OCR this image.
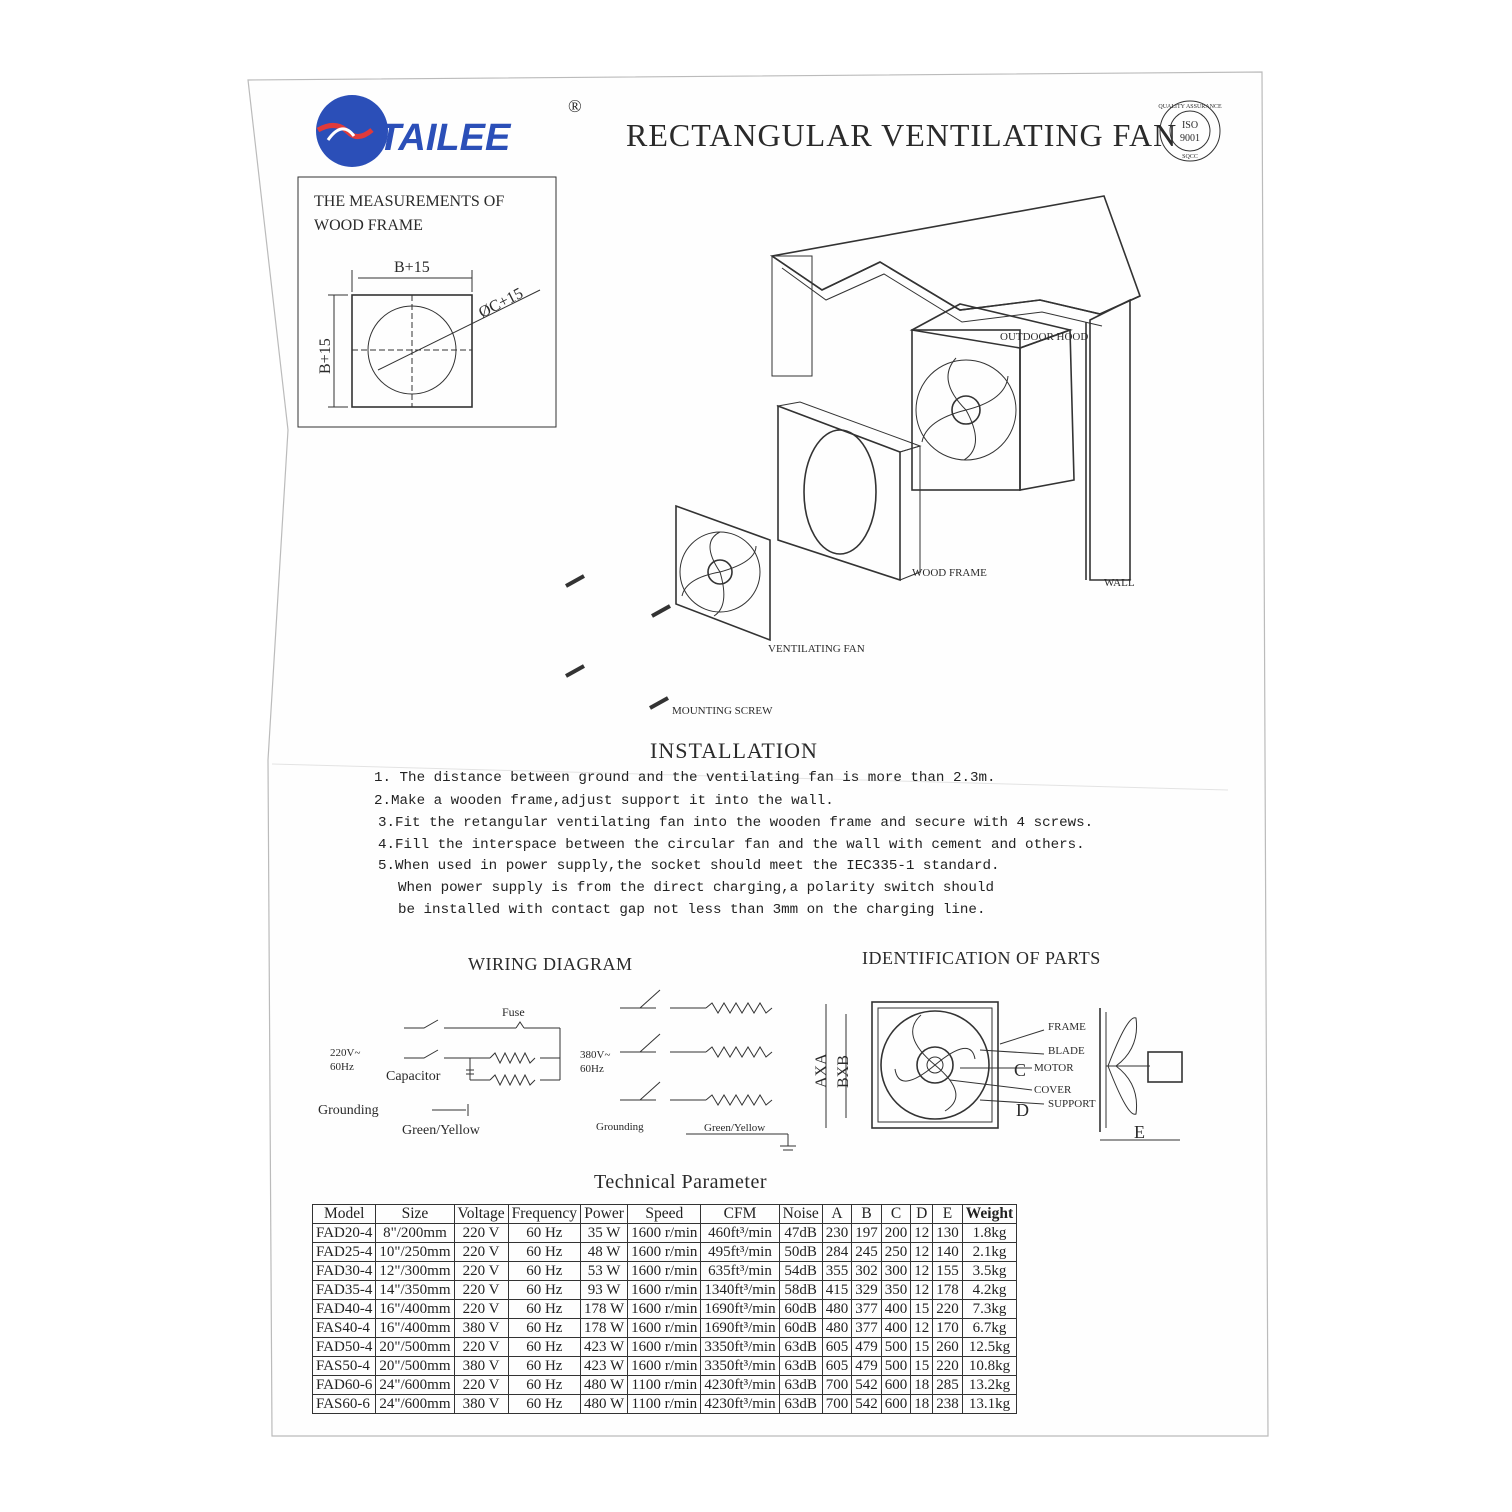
TAILEE
®
RECTANGULAR VENTILATING FAN
QUALITY ASSURANCE
ISO
9001
SQCC
THE MEASUREMENTS OF
WOOD FRAME
B+15
B+15
ØC+15
OUTDOOR HOOD
WOOD FRAME
WALL
VENTILATING FAN
MOUNTING SCREW
INSTALLATION
1. The distance between ground and the ventilating fan is more than 2.3m.
2.Make a wooden frame,adjust support it into the wall.
3.Fit the retangular ventilating fan into the wooden frame and secure with 4 screws.
4.Fill the interspace between the circular fan and the wall with cement and others.
5.When used in power supply,the socket should meet the IEC335-1 standard.
When power supply is from the direct charging,a polarity switch should
be installed with contact gap not less than 3mm on the charging line.
WIRING DIAGRAM
Fuse
220V~
60Hz
Capacitor
Grounding
Green/Yellow
380V~
60Hz
Grounding	Green/Yellow
IDENTIFICATION OF PARTS
FRAME
BLADE
MOTOR
COVER
SUPPORT
AXA BXB	C
D
E
Technical Parameter
Model	Size	Voltage	Frequency	Power	Speed	CFM	Noise	A	B	C	D	E	Weight
FAD20-4	8"/200mm	220 V	60 Hz	35 W	1600 r/min	460ft³/min	47dB	230	197	200	12	130	1.8kg
FAD25-4	10"/250mm	220 V	60 Hz	48 W	1600 r/min	495ft³/min	50dB	284	245	250	12	140	2.1kg
FAD30-4	12"/300mm	220 V	60 Hz	53 W	1600 r/min	635ft³/min	54dB	355	302	300	12	155	3.5kg
FAD35-4	14"/350mm	220 V	60 Hz	93 W	1600 r/min	1340ft³/min	58dB	415	329	350	12	178	4.2kg
FAD40-4	16"/400mm	220 V	60 Hz	178 W	1600 r/min	1690ft³/min	60dB	480	377	400	15	220	7.3kg
FAS40-4	16"/400mm	380 V	60 Hz	178 W	1600 r/min	1690ft³/min	60dB	480	377	400	12	170	6.7kg
FAD50-4	20"/500mm	220 V	60 Hz	423 W	1600 r/min	3350ft³/min	63dB	605	479	500	15	260	12.5kg
FAS50-4	20"/500mm	380 V	60 Hz	423 W	1600 r/min	3350ft³/min	63dB	605	479	500	15	220	10.8kg
FAD60-6	24"/600mm	220 V	60 Hz	480 W	1100 r/min	4230ft³/min	63dB	700	542	600	18	285	13.2kg
FAS60-6	24"/600mm	380 V	60 Hz	480 W	1100 r/min	4230ft³/min	63dB	700	542	600	18	238	13.1kg
